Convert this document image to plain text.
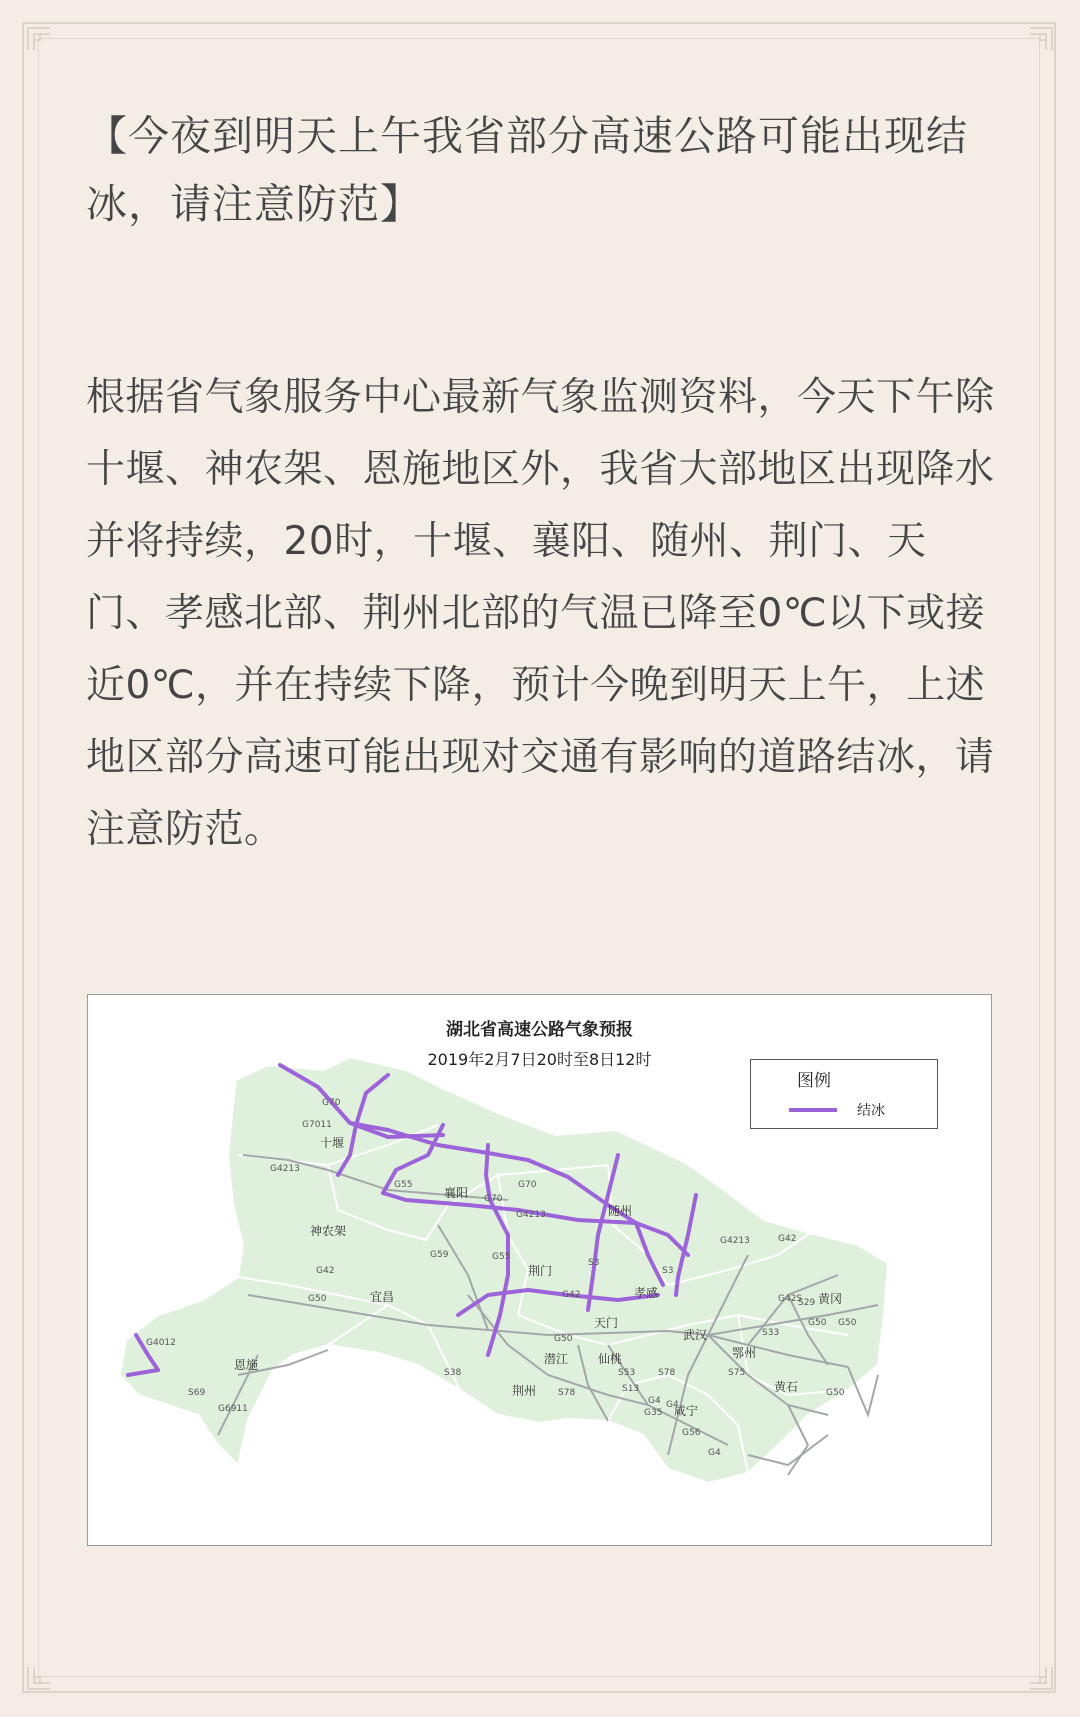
【今夜到明天上午我省部分高速公路可能出现结冰，请注意防范】

根据省气象服务中心最新气象监测资料，今天下午除十堰、神农架、恩施地区外，我省大部地区出现降水并将持续，20时，十堰、襄阳、随州、荆门、天门、孝感北部、荆州北部的气温已降至0℃以下或接近0℃，并在持续下降，预计今晚到明天上午，上述地区部分高速可能出现对交通有影响的道路结冰，请注意防范。

十堰
襄阳
神农架
随州
宜昌
荆门
孝感
天门
黄冈
武汉
恩施	潜江 仙桃	鄂州
荆州	黄石
咸宁
G70
G7011
G4213
G55	G70
G4213
G70
G42
G42
G59	G55
G4213	G42
G42S
G50
G50
S38
G50
S3
G4012
S69
G6911
G50
S33
S75
G4
S78
S29
G50
S13
S78
G35
G4
G56
S3
S53
G4
湖北省高速公路气象预报
2019年2月7日20时至8日12时
图例
结冰
